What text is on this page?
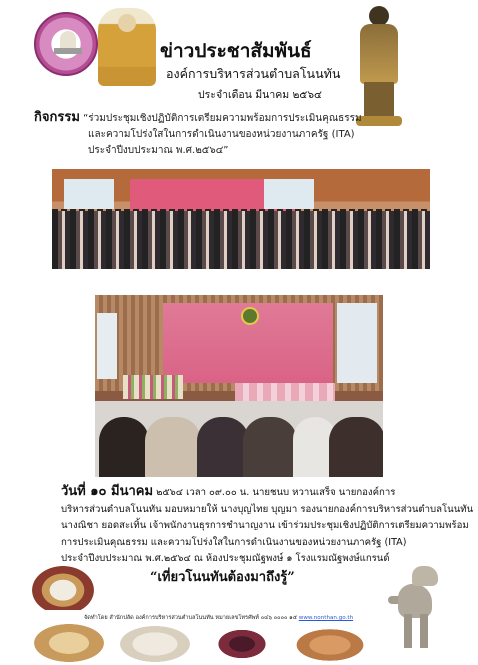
ข่าวประชาสัมพันธ์
องค์การบริหารส่วนตำบลโนนทัน
ประจำเดือน มีนาคม ๒๕๖๔
กิจกรรม “ร่วมประชุมเชิงปฏิบัติการเตรียมความพร้อมการประเมินคุณธรรม
และความโปร่งใสในการดำเนินงานของหน่วยงานภาครัฐ (ITA)
ประจำปีงบประมาณ พ.ศ.๒๕๖๔”
วันที่ ๑๐ มีนาคม ๒๕๖๔ เวลา ๐๙.๐๐ น. นายชนบ หวานเสร็จ นายกองค์การ
บริหารส่วนตำบลโนนทัน มอบหมายให้ นางบุญไทย บุญมา รองนายกองค์การบริหารส่วนตำบลโนนทัน
นางณิชา ยอดสะเทิ้น เจ้าพนักงานธุรการชำนาญงาน เข้าร่วมประชุมเชิงปฏิบัติการเตรียมความพร้อม
การประเมินคุณธรรม และความโปร่งใสในการดำเนินงานของหน่วยงานภาครัฐ (ITA)
ประจำปีงบประมาณ พ.ศ.๒๕๖๔ ณ ห้องประชุมณัฐพงษ์ ๑ โรงแรมณัฐพงษ์แกรนด์
“เที่ยวโนนทันต้องมาถึงรู้”
จัดทำโดย สำนักปลัด องค์การบริหารส่วนตำบลโนนทัน หมายเลขโทรศัพท์ ๐๔๖ ๐๐๐๐ ๑๕ www.nonthan.go.th
